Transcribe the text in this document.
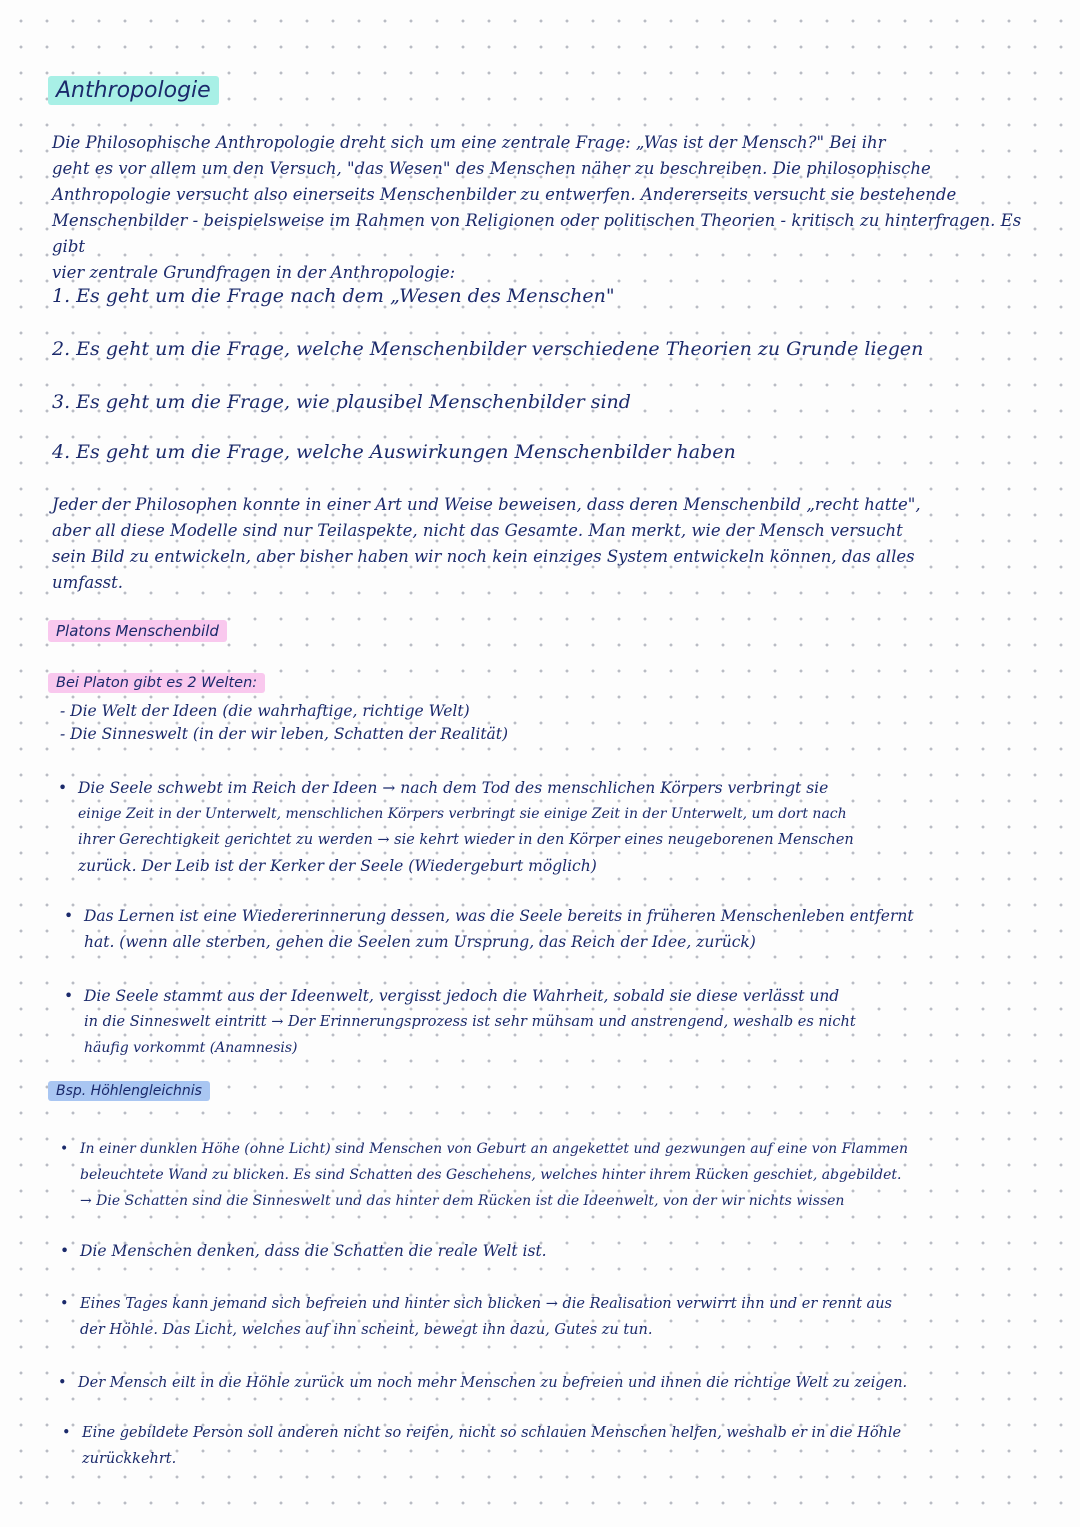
Anthropologie

Die Philosophische Anthropologie dreht sich um eine zentrale Frage: „Was ist der Mensch?" Bei ihr

geht es vor allem um den Versuch, "das Wesen" des Menschen näher zu beschreiben. Die philosophische

Anthropologie versucht also einerseits Menschenbilder zu entwerfen. Andererseits versucht sie bestehende

Menschenbilder - beispielsweise im Rahmen von Religionen oder politischen Theorien - kritisch zu hinterfragen. Es gibt

vier zentrale Grundfragen in der Anthropologie:

1. Es geht um die Frage nach dem „Wesen des Menschen"
2. Es geht um die Frage, welche Menschenbilder verschiedene Theorien zu Grunde liegen
3. Es geht um die Frage, wie plausibel Menschenbilder sind
4. Es geht um die Frage, welche Auswirkungen Menschenbilder haben

Jeder der Philosophen konnte in einer Art und Weise beweisen, dass deren Menschenbild „recht hatte",

aber all diese Modelle sind nur Teilaspekte, nicht das Gesamte. Man merkt, wie der Mensch versucht

sein Bild zu entwickeln, aber bisher haben wir noch kein einziges System entwickeln können, das alles

umfasst.

Platons Menschenbild
Bei Platon gibt es 2 Welten:
- Die Welt der Ideen (die wahrhaftige, richtige Welt)
- Die Sinneswelt (in der wir leben, Schatten der Realität)
• Die Seele schwebt im Reich der Ideen → nach dem Tod des menschlichen Körpers verbringt sie
einige Zeit in der Unterwelt, menschlichen Körpers verbringt sie einige Zeit in der Unterwelt, um dort nach
ihrer Gerechtigkeit gerichtet zu werden → sie kehrt wieder in den Körper eines neugeborenen Menschen
zurück. Der Leib ist der Kerker der Seele (Wiedergeburt möglich)
• Das Lernen ist eine Wiedererinnerung dessen, was die Seele bereits in früheren Menschenleben entfernt
hat. (wenn alle sterben, gehen die Seelen zum Ursprung, das Reich der Idee, zurück)
• Die Seele stammt aus der Ideenwelt, vergisst jedoch die Wahrheit, sobald sie diese verlässt und
in die Sinneswelt eintritt → Der Erinnerungsprozess ist sehr mühsam und anstrengend, weshalb es nicht
häufig vorkommt (Anamnesis)
Bsp. Höhlengleichnis
• In einer dunklen Höhe (ohne Licht) sind Menschen von Geburt an angekettet und gezwungen auf eine von Flammen
beleuchtete Wand zu blicken. Es sind Schatten des Geschehens, welches hinter ihrem Rücken geschiet, abgebildet.
→ Die Schatten sind die Sinneswelt und das hinter dem Rücken ist die Ideenwelt, von der wir nichts wissen
• Die Menschen denken, dass die Schatten die reale Welt ist.
• Eines Tages kann jemand sich befreien und hinter sich blicken → die Realisation verwirrt ihn und er rennt aus
der Höhle. Das Licht, welches auf ihn scheint, bewegt ihn dazu, Gutes zu tun.
• Der Mensch eilt in die Höhle zurück um noch mehr Menschen zu befreien und ihnen die richtige Welt zu zeigen.
• Eine gebildete Person soll anderen nicht so reifen, nicht so schlauen Menschen helfen, weshalb er in die Höhle
zurückkehrt.
